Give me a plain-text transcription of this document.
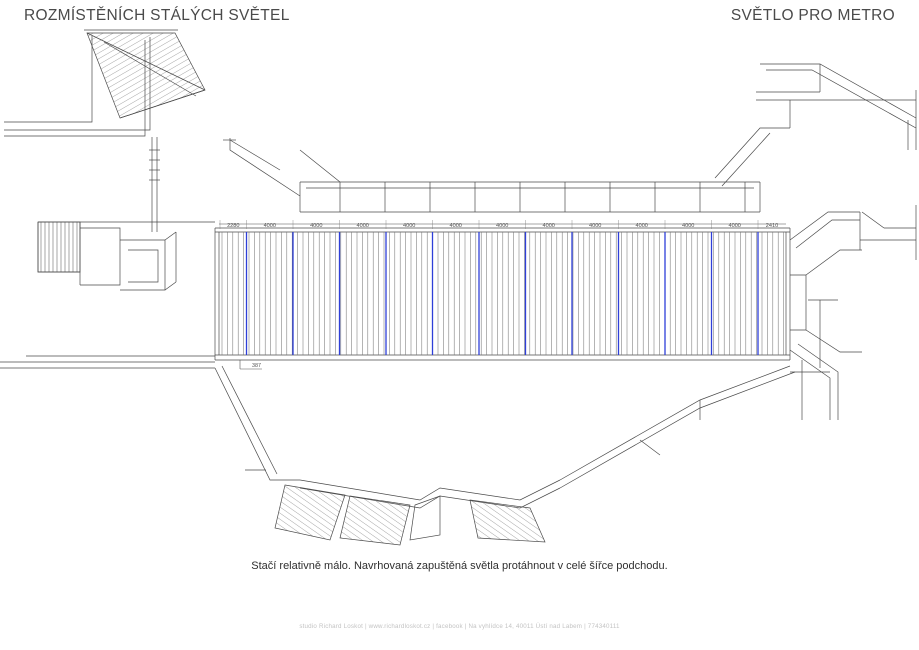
ROZMÍSTĚNÍCH STÁLÝCH SVĚTEL	SVĚTLO PRO METRO
2280	4000	4000	4000	4000	4000	4000	4000	4000	4000	4000	4000	2410
387
Stačí relativně málo. Navrhovaná zapuštěná světla protáhnout v celé šířce podchodu.
studio Richard Loskot | www.richardloskot.cz | facebook | Na vyhlídce 14, 40011 Ústí nad Labem | 774340111
